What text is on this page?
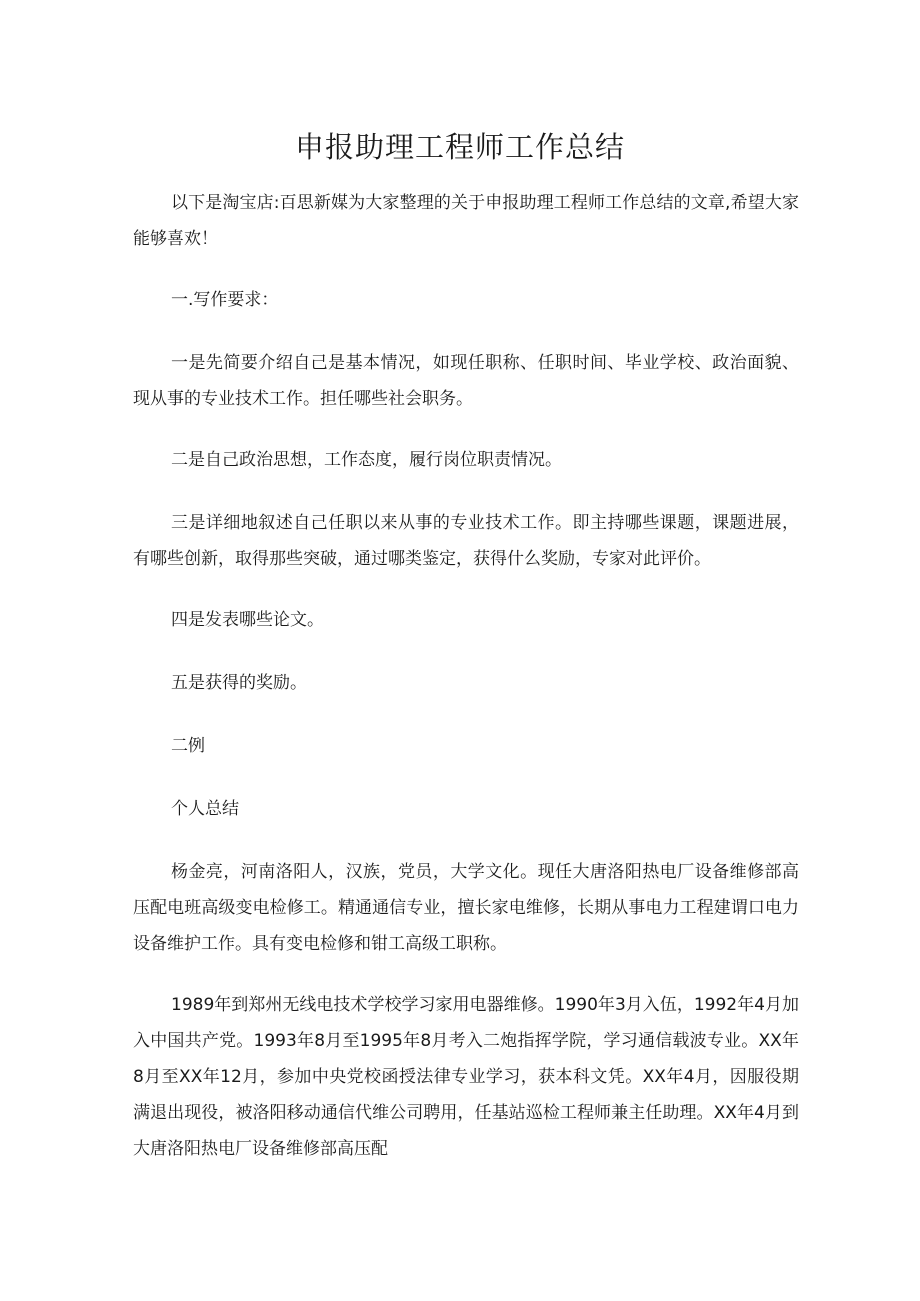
申报助理工程师工作总结

以下是淘宝店:百思新媒为大家整理的关于申报助理工程师工作总结的文章,希望大家能够喜欢！

一.写作要求：

一是先简要介绍自己是基本情况，如现任职称、任职时间、毕业学校、政治面貌、现从事的专业技术工作。担任哪些社会职务。

二是自己政治思想，工作态度，履行岗位职责情况。

三是详细地叙述自己任职以来从事的专业技术工作。即主持哪些课题，课题进展，有哪些创新，取得那些突破，通过哪类鉴定，获得什么奖励，专家对此评价。

四是发表哪些论文。

五是获得的奖励。

二例

个人总结

杨金亮，河南洛阳人，汉族，党员，大学文化。现任大唐洛阳热电厂设备维修部高压配电班高级变电检修工。精通通信专业，擅长家电维修，长期从事电力工程建谓口电力设备维护工作。具有变电检修和钳工高级工职称。

1989年到郑州无线电技术学校学习家用电器维修。1990年3月入伍，1992年4月加入中国共产党。1993年8月至1995年8月考入二炮指挥学院，学习通信载波专业。XX年8月至XX年12月，参加中央党校函授法律专业学习，获本科文凭。XX年4月，因服役期满退出现役，被洛阳移动通信代维公司聘用，任基站巡检工程师兼主任助理。XX年4月到大唐洛阳热电厂设备维修部高压配
